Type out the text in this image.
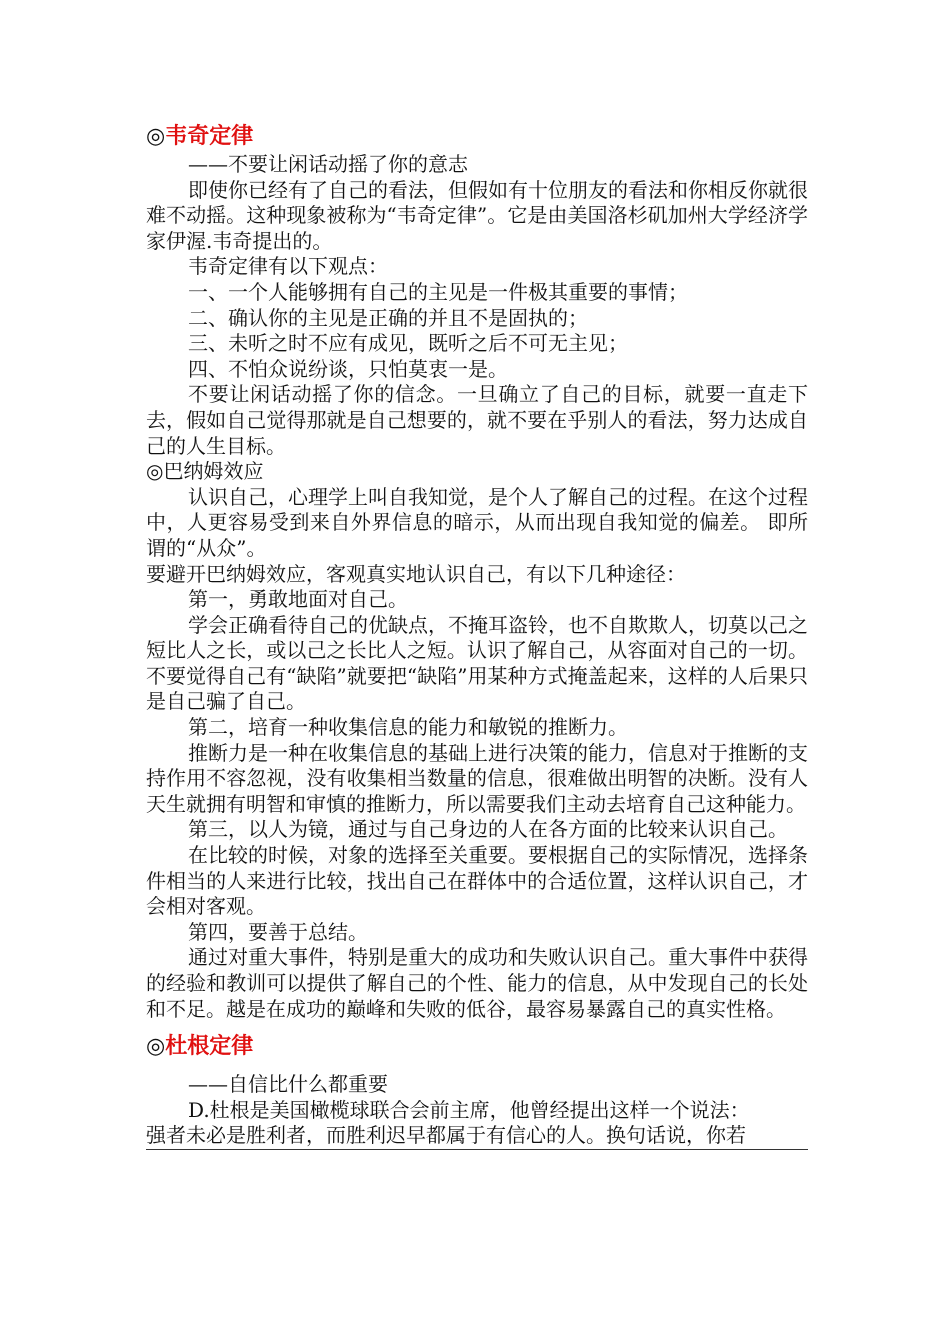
◎韦奇定律

——不要让闲话动摇了你的意志

即使你已经有了自己的看法，但假如有十位朋友的看法和你相反你就很难不动摇。这种现象被称为“韦奇定律”。它是由美国洛杉矶加州大学经济学家伊渥.韦奇提出的。

韦奇定律有以下观点：

一、一个人能够拥有自己的主见是一件极其重要的事情；

二、确认你的主见是正确的并且不是固执的；

三、未听之时不应有成见，既听之后不可无主见；

四、不怕众说纷谈，只怕莫衷一是。

不要让闲话动摇了你的信念。一旦确立了自己的目标，就要一直走下去，假如自己觉得那就是自己想要的，就不要在乎别人的看法，努力达成自己的人生目标。

◎巴纳姆效应

认识自己，心理学上叫自我知觉，是个人了解自己的过程。在这个过程中，人更容易受到来自外界信息的暗示，从而出现自我知觉的偏差。 即所谓的“从众”。

要避开巴纳姆效应，客观真实地认识自己，有以下几种途径：

第一，勇敢地面对自己。

学会正确看待自己的优缺点，不掩耳盗铃，也不自欺欺人，切莫以己之短比人之长，或以己之长比人之短。认识了解自己，从容面对自己的一切。不要觉得自己有“缺陷”就要把“缺陷”用某种方式掩盖起来，这样的人后果只是自己骗了自己。

第二，培育一种收集信息的能力和敏锐的推断力。

推断力是一种在收集信息的基础上进行决策的能力，信息对于推断的支持作用不容忽视，没有收集相当数量的信息，很难做出明智的决断。没有人天生就拥有明智和审慎的推断力，所以需要我们主动去培育自己这种能力。

第三，以人为镜，通过与自己身边的人在各方面的比较来认识自己。

在比较的时候，对象的选择至关重要。要根据自己的实际情况，选择条件相当的人来进行比较，找出自己在群体中的合适位置，这样认识自己，才会相对客观。

第四，要善于总结。

通过对重大事件，特别是重大的成功和失败认识自己。重大事件中获得的经验和教训可以提供了解自己的个性、能力的信息，从中发现自己的长处和不足。越是在成功的巅峰和失败的低谷，最容易暴露自己的真实性格。

◎杜根定律

——自信比什么都重要

D.杜根是美国橄榄球联合会前主席，他曾经提出这样一个说法：

强者未必是胜利者，而胜利迟早都属于有信心的人。换句话说，你若
